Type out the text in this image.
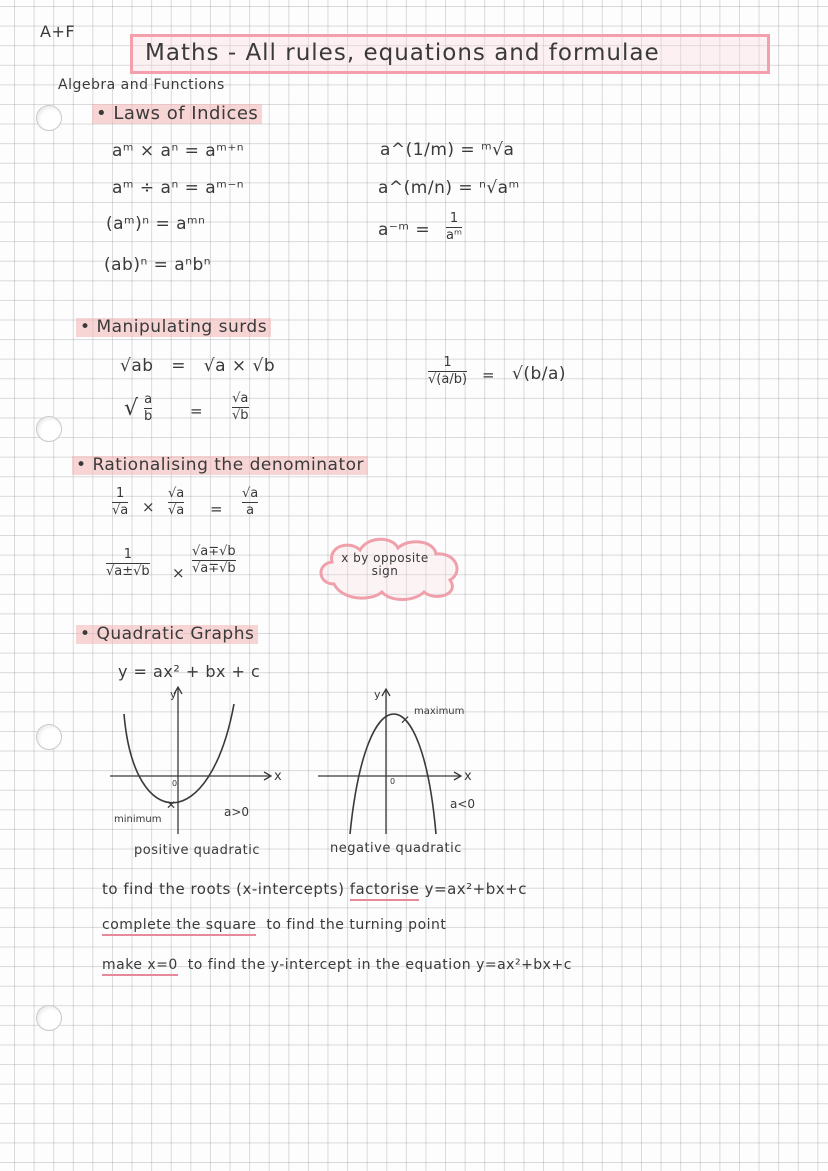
A+F
Maths - All rules, equations and formulae
Algebra and Functions
• Laws of Indices
aᵐ × aⁿ = aᵐ⁺ⁿ
aᵐ ÷ aⁿ = aᵐ⁻ⁿ
(aᵐ)ⁿ = aᵐⁿ
(ab)ⁿ = aⁿbⁿ
a^(1/m) = ᵐ√a
a^(m/n) = ⁿ√aᵐ
a⁻ᵐ =
1
aᵐ
• Manipulating surds
√ab = √a × √b
√ a
b	=
√a
√b
1
√(a/b) = √(b/a)
• Rationalising the denominator
1
√a ×
√a
√a =
√a
a
1
√a±√b ×
√a∓√b
√a∓√b
x by opposite sign
• Quadratic Graphs
y = ax² + bx + c
✕
y
x
0
minimum
a>0
positive quadratic
✕
y
x
0
maximum
a<0
negative quadratic
to find the roots (x-intercepts) factorise y=ax²+bx+c
complete the square to find the turning point
make x=0 to find the y-intercept in the equation y=ax²+bx+c
